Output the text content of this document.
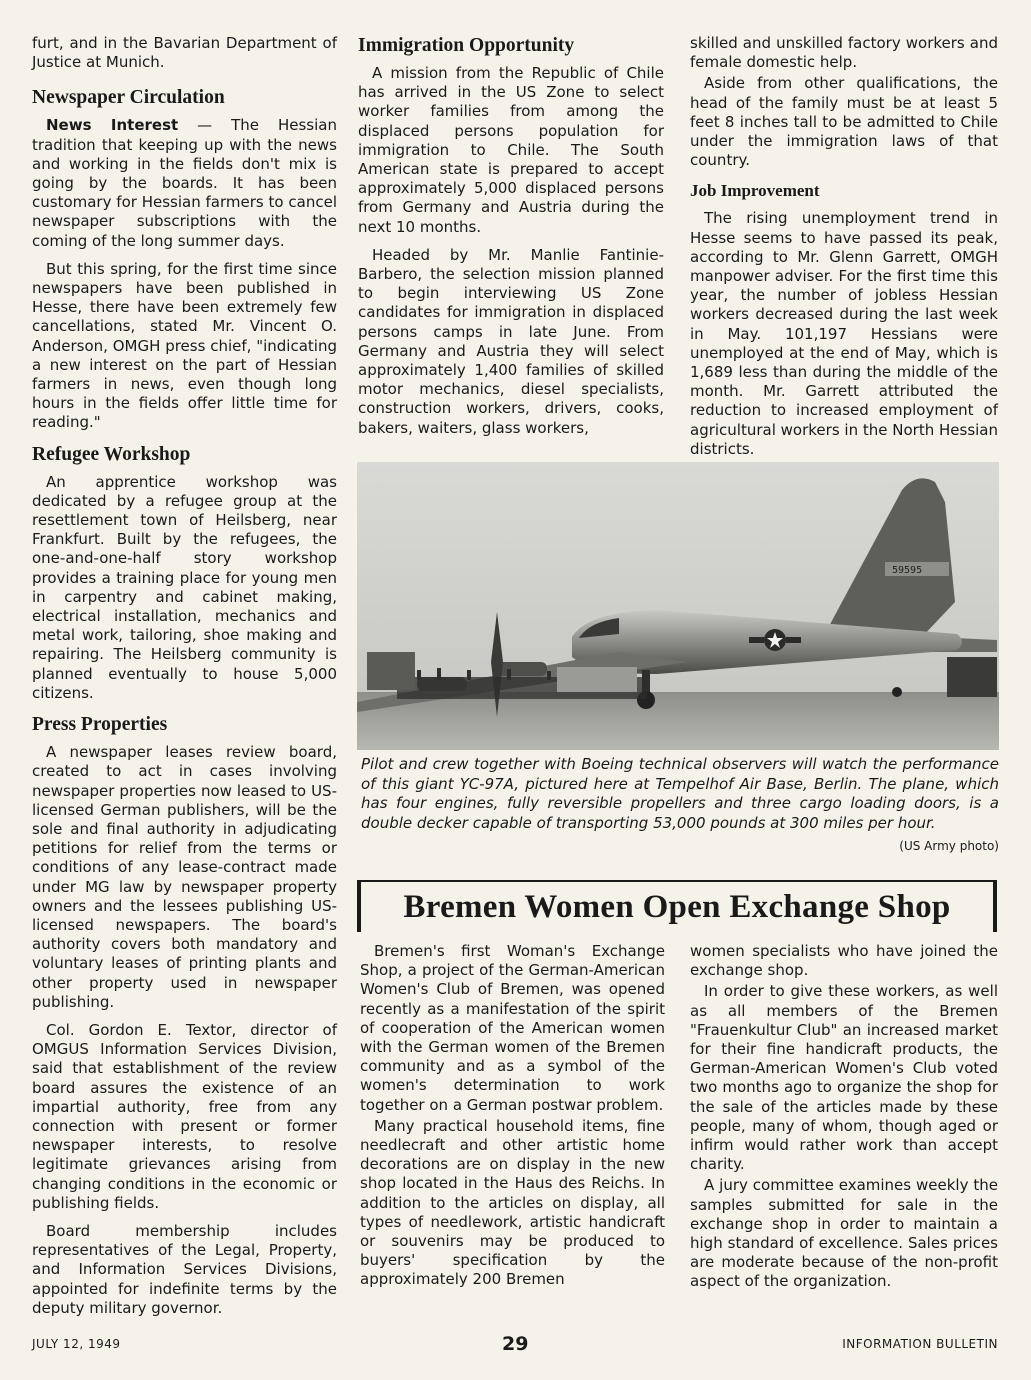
furt, and in the Bavarian Department of Justice at Munich.

Newspaper Circulation

News Interest — The Hessian tradition that keeping up with the news and working in the fields don't mix is going by the boards. It has been customary for Hessian farmers to cancel newspaper subscriptions with the coming of the long summer days.

But this spring, for the first time since newspapers have been published in Hesse, there have been extremely few cancellations, stated Mr. Vincent O. Anderson, OMGH press chief, "indicating a new interest on the part of Hessian farmers in news, even though long hours in the fields offer little time for reading."

Refugee Workshop

An apprentice workshop was dedicated by a refugee group at the resettlement town of Heilsberg, near Frankfurt. Built by the refugees, the one-and-one-half story workshop provides a training place for young men in carpentry and cabinet making, electrical installation, mechanics and metal work, tailoring, shoe making and repairing. The Heilsberg community is planned eventually to house 5,000 citizens.

Press Properties

A newspaper leases review board, created to act in cases involving newspaper properties now leased to US-licensed German publishers, will be the sole and final authority in adjudicating petitions for relief from the terms or conditions of any lease-contract made under MG law by newspaper property owners and the lessees publishing US-licensed newspapers. The board's authority covers both mandatory and voluntary leases of printing plants and other property used in newspaper publishing.

Col. Gordon E. Textor, director of OMGUS Information Services Division, said that establishment of the review board assures the existence of an impartial authority, free from any connection with present or former newspaper interests, to resolve legitimate grievances arising from changing conditions in the economic or publishing fields.

Board membership includes representatives of the Legal, Property, and Information Services Divisions, appointed for indefinite terms by the deputy military governor.

Immigration Opportunity

A mission from the Republic of Chile has arrived in the US Zone to select worker families from among the displaced persons population for immigration to Chile. The South American state is prepared to accept approximately 5,000 displaced persons from Germany and Austria during the next 10 months.

Headed by Mr. Manlie Fantinie-Barbero, the selection mission planned to begin interviewing US Zone candidates for immigration in displaced persons camps in late June. From Germany and Austria they will select approximately 1,400 families of skilled motor mechanics, diesel specialists, construction workers, drivers, cooks, bakers, waiters, glass workers,

skilled and unskilled factory workers and female domestic help.

Aside from other qualifications, the head of the family must be at least 5 feet 8 inches tall to be admitted to Chile under the immigration laws of that country.

Job Improvement

The rising unemployment trend in Hesse seems to have passed its peak, according to Mr. Glenn Garrett, OMGH manpower adviser. For the first time this year, the number of jobless Hessian workers decreased during the last week in May. 101,197 Hessians were unemployed at the end of May, which is 1,689 less than during the middle of the month. Mr. Garrett attributed the reduction to increased employment of agricultural workers in the North Hessian districts.

59595
Pilot and crew together with Boeing technical observers will watch the performance of this giant YC-97A, pictured here at Tempelhof Air Base, Berlin. The plane, which has four engines, fully reversible propellers and three cargo loading doors, is a double decker capable of transporting 53,000 pounds at 300 miles per hour.
(US Army photo)
Bremen Women Open Exchange Shop

Bremen's first Woman's Exchange Shop, a project of the German-American Women's Club of Bremen, was opened recently as a manifestation of the spirit of cooperation of the American women with the German women of the Bremen community and as a symbol of the women's determination to work together on a German postwar problem.

Many practical household items, fine needlecraft and other artistic home decorations are on display in the new shop located in the Haus des Reichs. In addition to the articles on display, all types of needlework, artistic handicraft or souvenirs may be produced to buyers' specification by the approximately 200 Bremen

women specialists who have joined the exchange shop.

In order to give these workers, as well as all members of the Bremen "Frauenkultur Club" an increased market for their fine handicraft products, the German-American Women's Club voted two months ago to organize the shop for the sale of the articles made by these people, many of whom, though aged or infirm would rather work than accept charity.

A jury committee examines weekly the samples submitted for sale in the exchange shop in order to maintain a high standard of excellence. Sales prices are moderate because of the non-profit aspect of the organization.

JULY 12, 1949	29	INFORMATION BULLETIN
